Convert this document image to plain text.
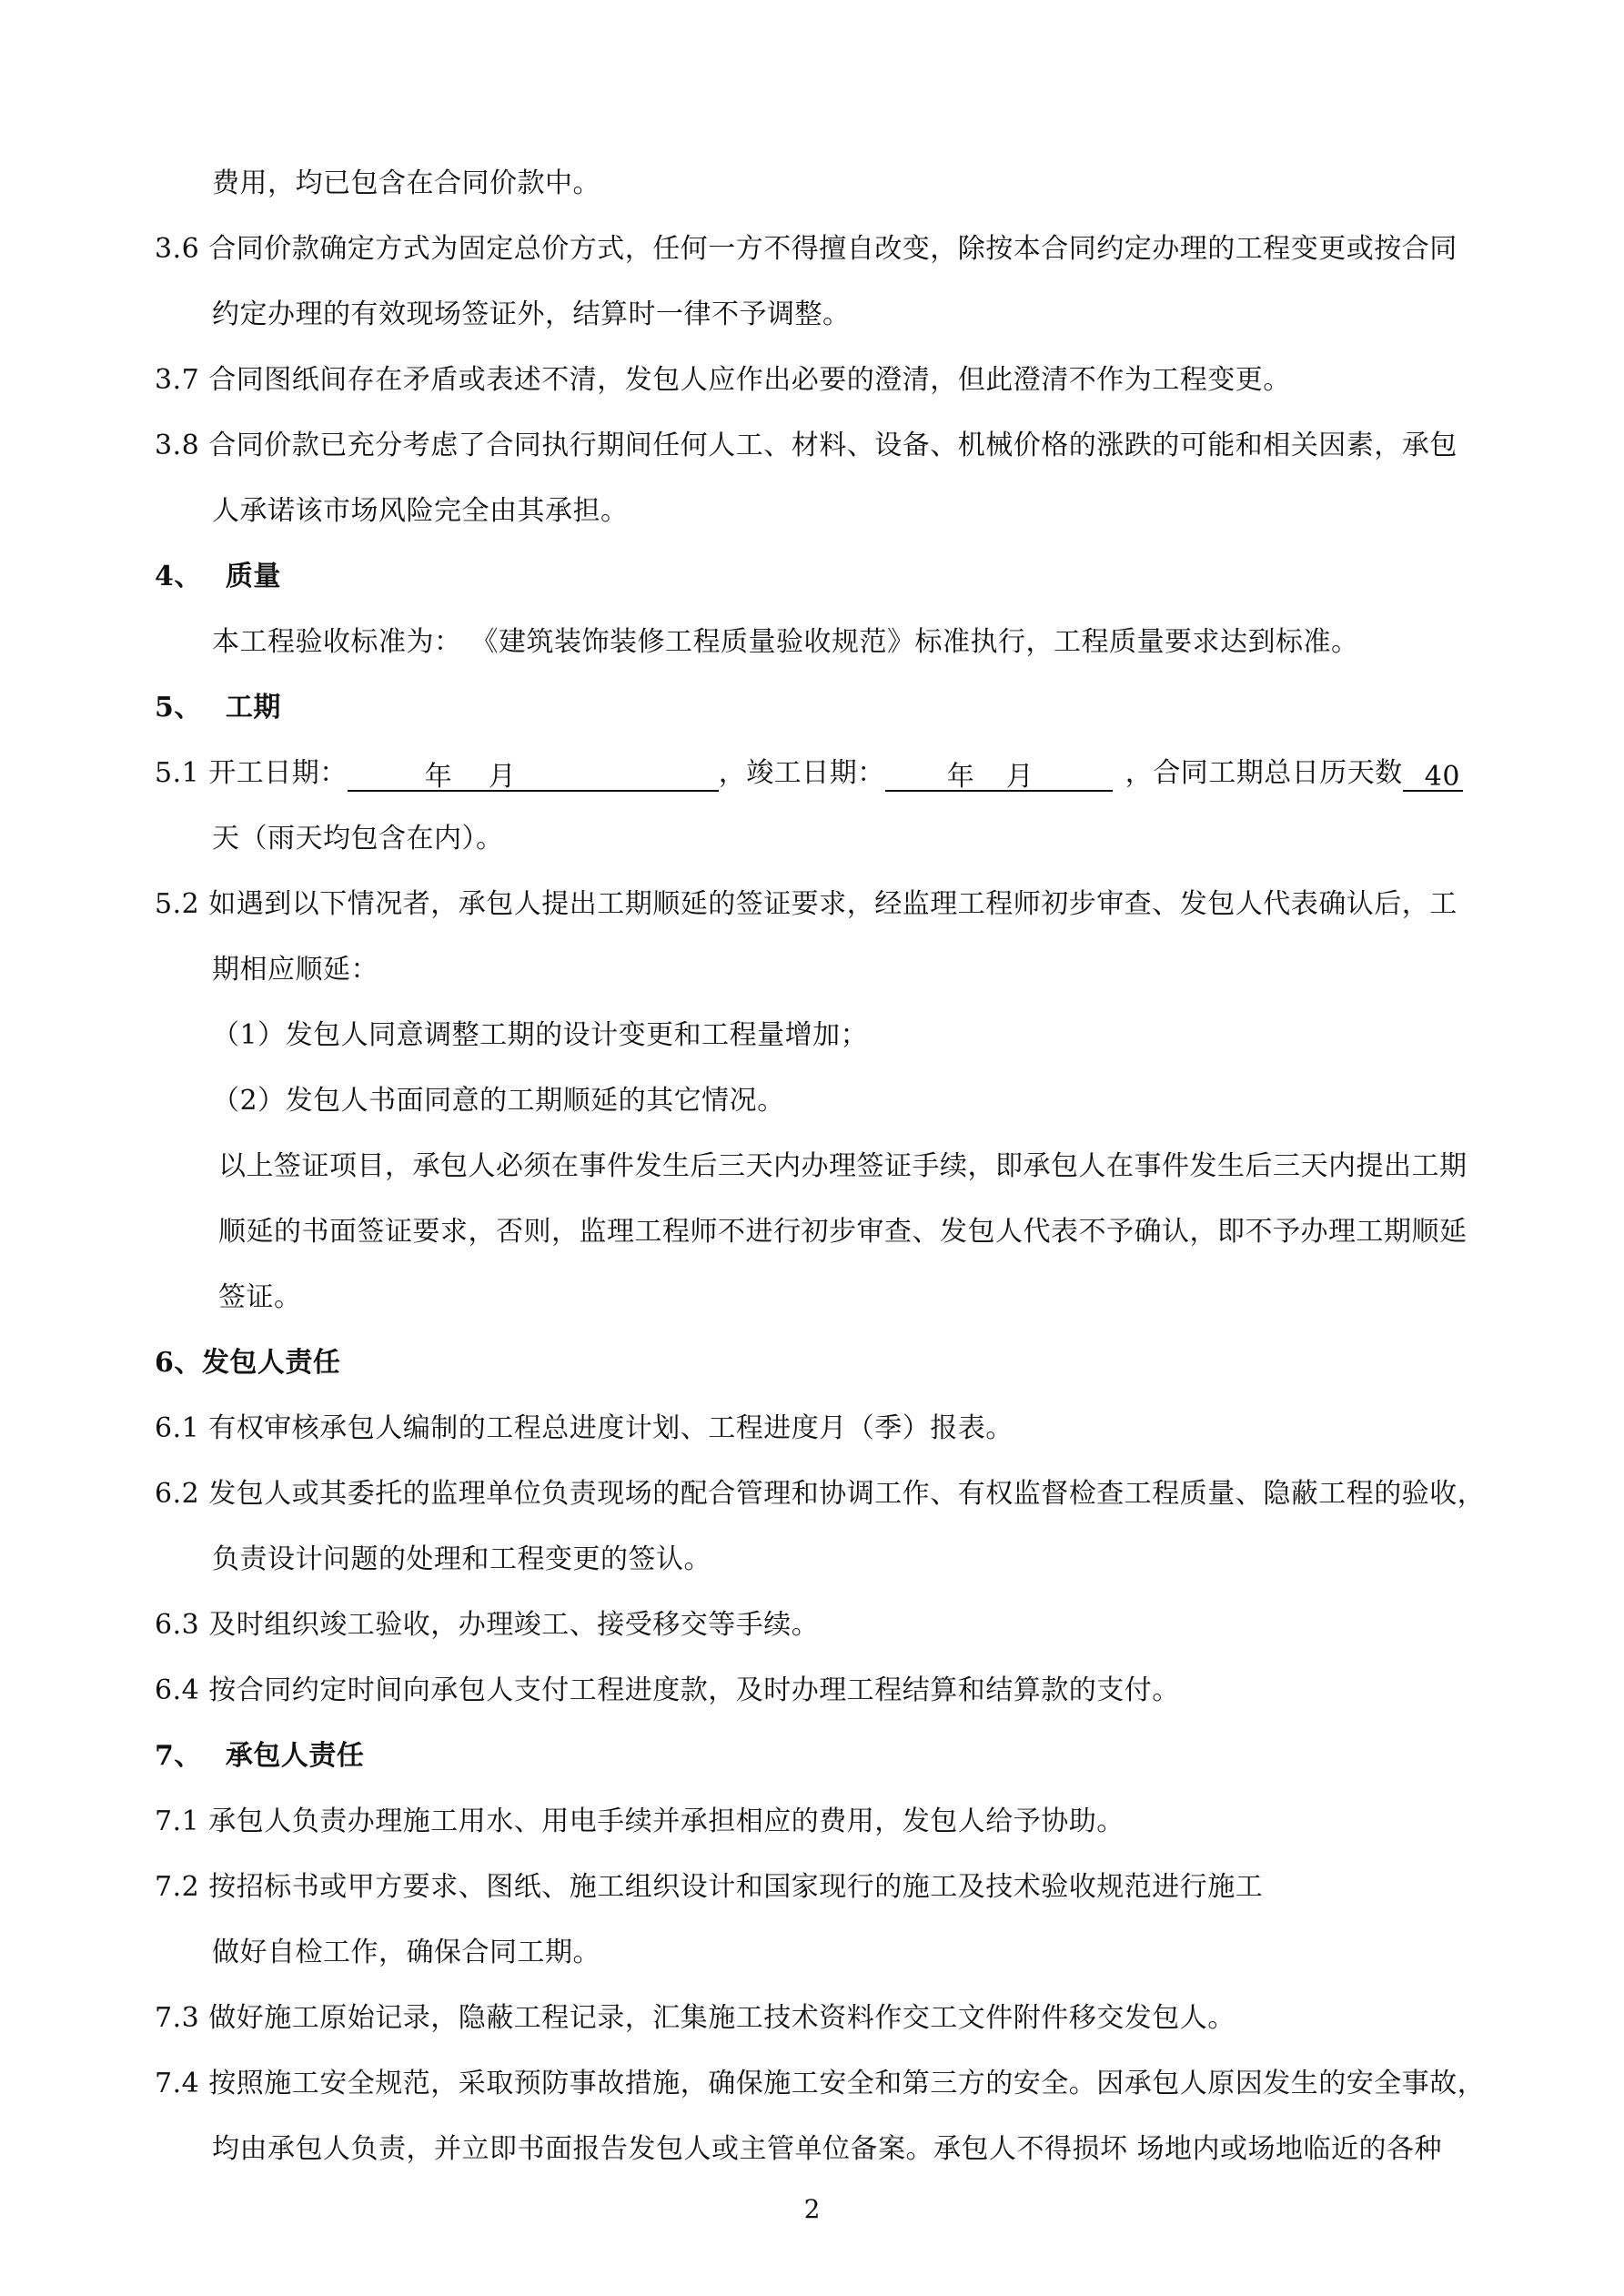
费用，均已包含在合同价款中。
3.6 合同价款确定方式为固定总价方式，任何一方不得擅自改变，除按本合同约定办理的工程变更或按合同
约定办理的有效现场签证外，结算时一律不予调整。
3.7 合同图纸间存在矛盾或表述不清，发包人应作出必要的澄清，但此澄清不作为工程变更。
3.8 合同价款已充分考虑了合同执行期间任何人工、材料、设备、机械价格的涨跌的可能和相关因素，承包
人承诺该市场风险完全由其承担。
4、 质量
本工程验收标准为： 《建筑装饰装修工程质量验收规范》标准执行，工程质量要求达到标准。
5、 工期
5.1 开工日期：	年 月	，竣工日期： 年 月	，合同工期总日历天数 40
天（雨天均包含在内）。
5.2 如遇到以下情况者，承包人提出工期顺延的签证要求，经监理工程师初步审查、发包人代表确认后，工
期相应顺延：
（1）发包人同意调整工期的设计变更和工程量增加；
（2）发包人书面同意的工期顺延的其它情况。
以上签证项目，承包人必须在事件发生后三天内办理签证手续，即承包人在事件发生后三天内提出工期
顺延的书面签证要求，否则，监理工程师不进行初步审查、发包人代表不予确认，即不予办理工期顺延
签证。
6、发包人责任
6.1 有权审核承包人编制的工程总进度计划、工程进度月（季）报表。
6.2 发包人或其委托的监理单位负责现场的配合管理和协调工作、有权监督检查工程质量、隐蔽工程的验收，
负责设计问题的处理和工程变更的签认。
6.3 及时组织竣工验收，办理竣工、接受移交等手续。
6.4 按合同约定时间向承包人支付工程进度款，及时办理工程结算和结算款的支付。
7、 承包人责任
7.1 承包人负责办理施工用水、用电手续并承担相应的费用，发包人给予协助。
7.2 按招标书或甲方要求、图纸、施工组织设计和国家现行的施工及技术验收规范进行施工
做好自检工作，确保合同工期。
7.3 做好施工原始记录，隐蔽工程记录，汇集施工技术资料作交工文件附件移交发包人。
7.4 按照施工安全规范，采取预防事故措施，确保施工安全和第三方的安全。因承包人原因发生的安全事故，
均由承包人负责，并立即书面报告发包人或主管单位备案。承包人不得损坏 场地内或场地临近的各种
2
